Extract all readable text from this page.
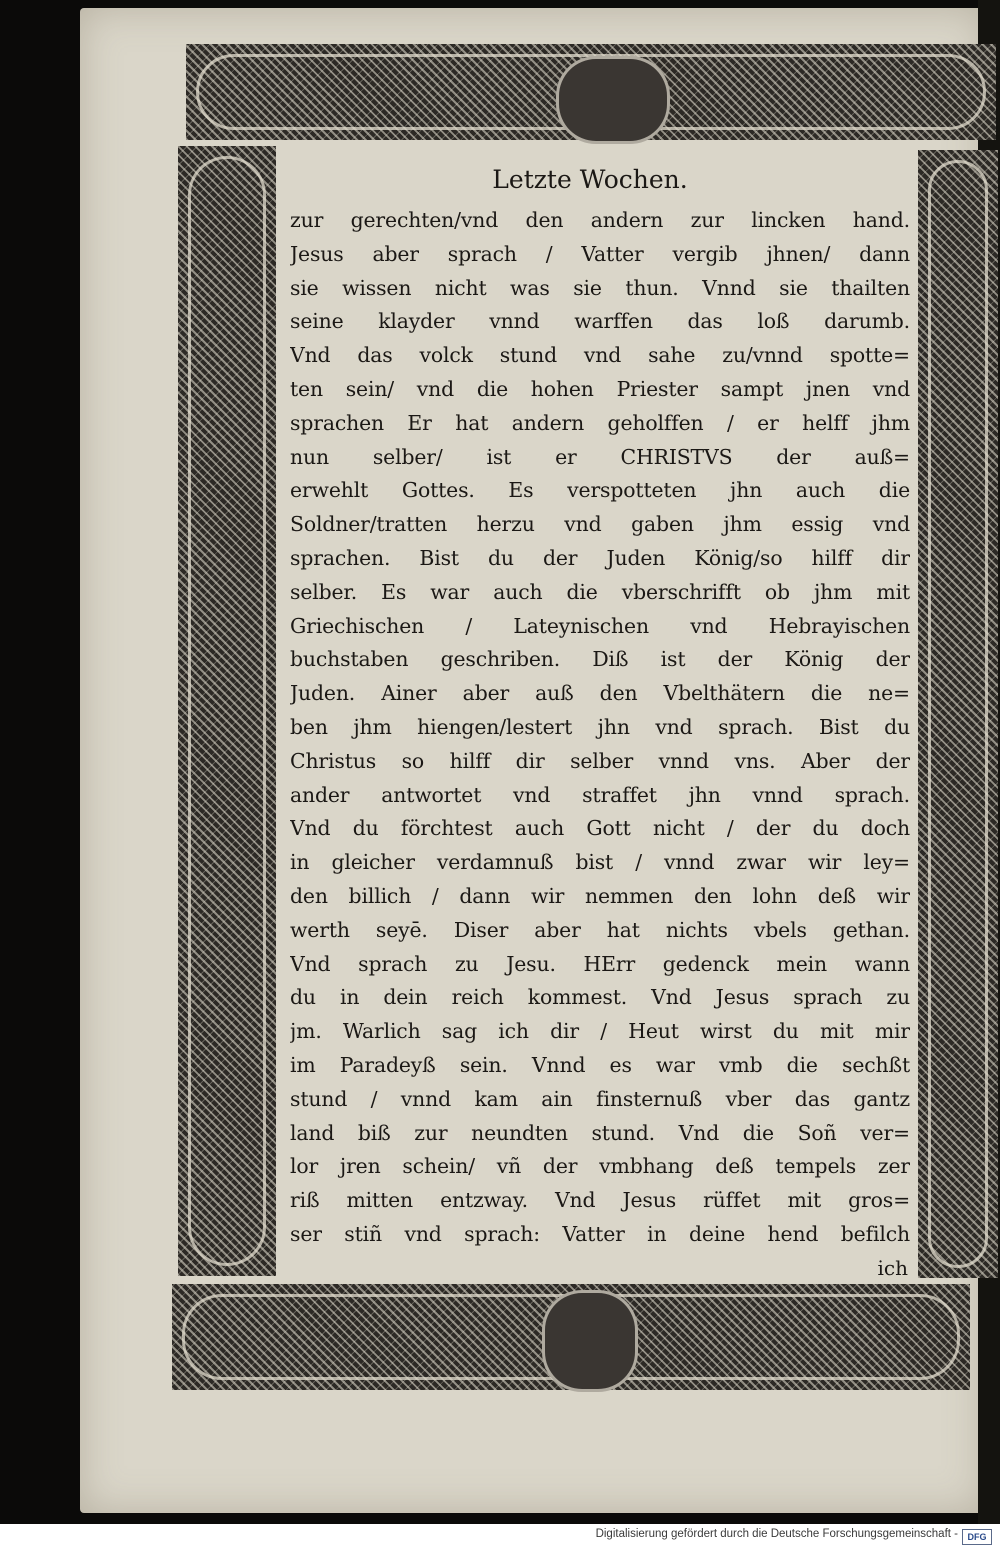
Letzte Wochen.
zur gerechten/vnd den andern zur lincken hand.
Jesus aber sprach / Vatter vergib jhnen/ dann
sie wissen nicht was sie thun. Vnnd sie thailten
seine klayder vnnd warffen das loß darumb.
Vnd das volck stund vnd sahe zu/vnnd spotte=
ten sein/ vnd die hohen Priester sampt jnen vnd
sprachen Er hat andern geholffen / er helff jhm
nun selber/ ist er CHRISTVS der auß=
erwehlt Gottes. Es verspotteten jhn auch die
Soldner/tratten herzu vnd gaben jhm essig vnd
sprachen. Bist du der Juden König/so hilff dir
selber. Es war auch die vberschrifft ob jhm mit
Griechischen / Lateynischen vnd Hebrayischen
buchstaben geschriben. Diß ist der König der
Juden. Ainer aber auß den Vbelthätern die ne=
ben jhm hiengen/lestert jhn vnd sprach. Bist du
Christus so hilff dir selber vnnd vns. Aber der
ander antwortet vnd straffet jhn vnnd sprach.
Vnd du förchtest auch Gott nicht / der du doch
in gleicher verdamnuß bist / vnnd zwar wir ley=
den billich / dann wir nemmen den lohn deß wir
werth seyē. Diser aber hat nichts vbels gethan.
Vnd sprach zu Jesu. HErr gedenck mein wann
du in dein reich kommest. Vnd Jesus sprach zu
jm. Warlich sag ich dir / Heut wirst du mit mir
im Paradeyß sein. Vnnd es war vmb die sechßt
stund / vnnd kam ain finsternuß vber das gantz
land biß zur neundten stund. Vnd die Soñ ver=
lor jren schein/ vñ der vmbhang deß tempels zer
riß mitten entzway. Vnd Jesus rüffet mit gros=
ser stiñ vnd sprach: Vatter in deine hend befilch
ich
Digitalisierung gefördert durch die Deutsche Forschungsgemeinschaft -	DFG
